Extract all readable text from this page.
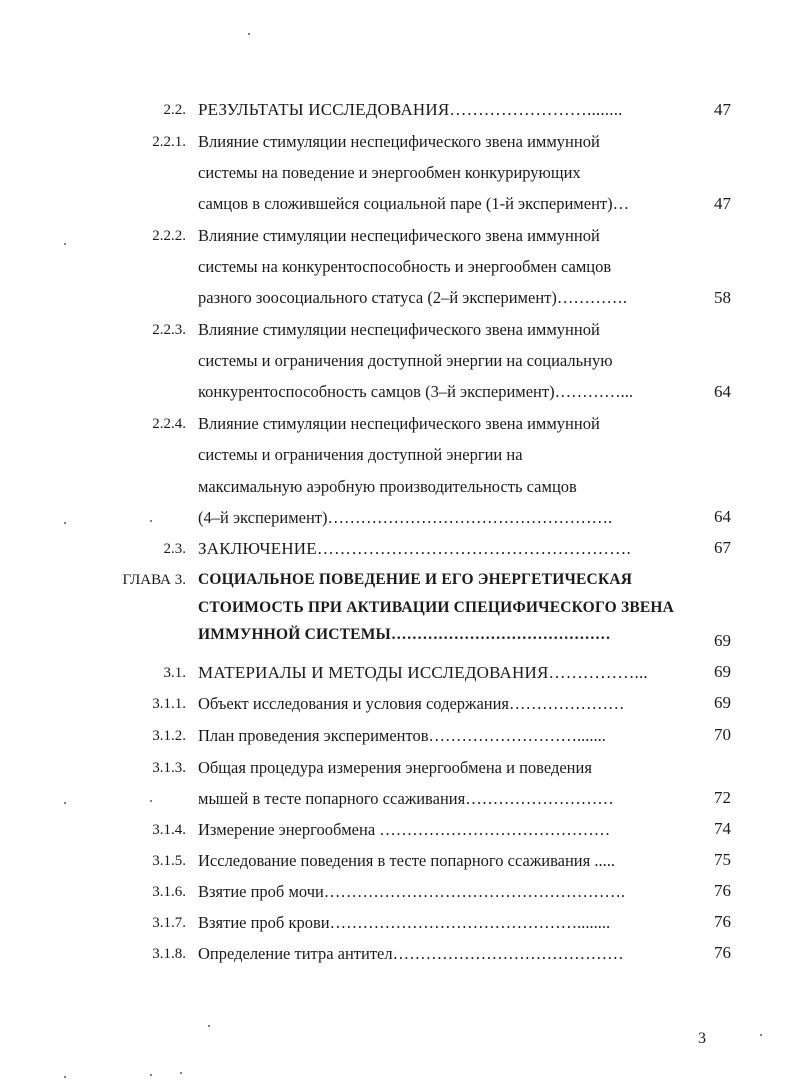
2.2. РЕЗУЛЬТАТЫ ИССЛЕДОВАНИЯ……………………........	47
2.2.1. Влияние стимуляции неспецифического звена иммунной
системы на поведение и энергообмен конкурирующих
самцов в сложившейся социальной паре (1-й эксперимент)…	47
2.2.2. Влияние стимуляции неспецифического звена иммунной
системы на конкурентоспособность и энергообмен самцов
разного зоосоциального статуса (2–й эксперимент)………….	58
2.2.3. Влияние стимуляции неспецифического звена иммунной
системы и ограничения доступной энергии на социальную
конкурентоспособность самцов (3–й эксперимент)…………...	64
2.2.4. Влияние стимуляции неспецифического звена иммунной
системы и ограничения доступной энергии на
максимальную аэробную производительность самцов
(4–й эксперимент)…………………………………………….	64
2.3. ЗАКЛЮЧЕНИЕ……………………………………………….	67
ГЛАВА 3. СОЦИАЛЬНОЕ ПОВЕДЕНИЕ И ЕГО ЭНЕРГЕТИЧЕСКАЯ
СТОИМОСТЬ ПРИ АКТИВАЦИИ СПЕЦИФИЧЕСКОГО ЗВЕНА
ИММУННОЙ СИСТЕМЫ……………………………………	69
3.1. МАТЕРИАЛЫ И МЕТОДЫ ИССЛЕДОВАНИЯ……………...	69
3.1.1. Объект исследования и условия содержания…………………	69
3.1.2. План проведения экспериментов……………………….......	70
3.1.3. Общая процедура измерения энергообмена и поведения
мышей в тесте попарного ссаживания………………………	72
3.1.4. Измерение энергообмена ……………………………………	74
3.1.5. Исследование поведения в тесте попарного ссаживания .....	75
3.1.6. Взятие проб мочи……………………………………………….	76
3.1.7. Взятие проб крови………………………………………........	76
3.1.8. Определение титра антител……………………………………	76
3
